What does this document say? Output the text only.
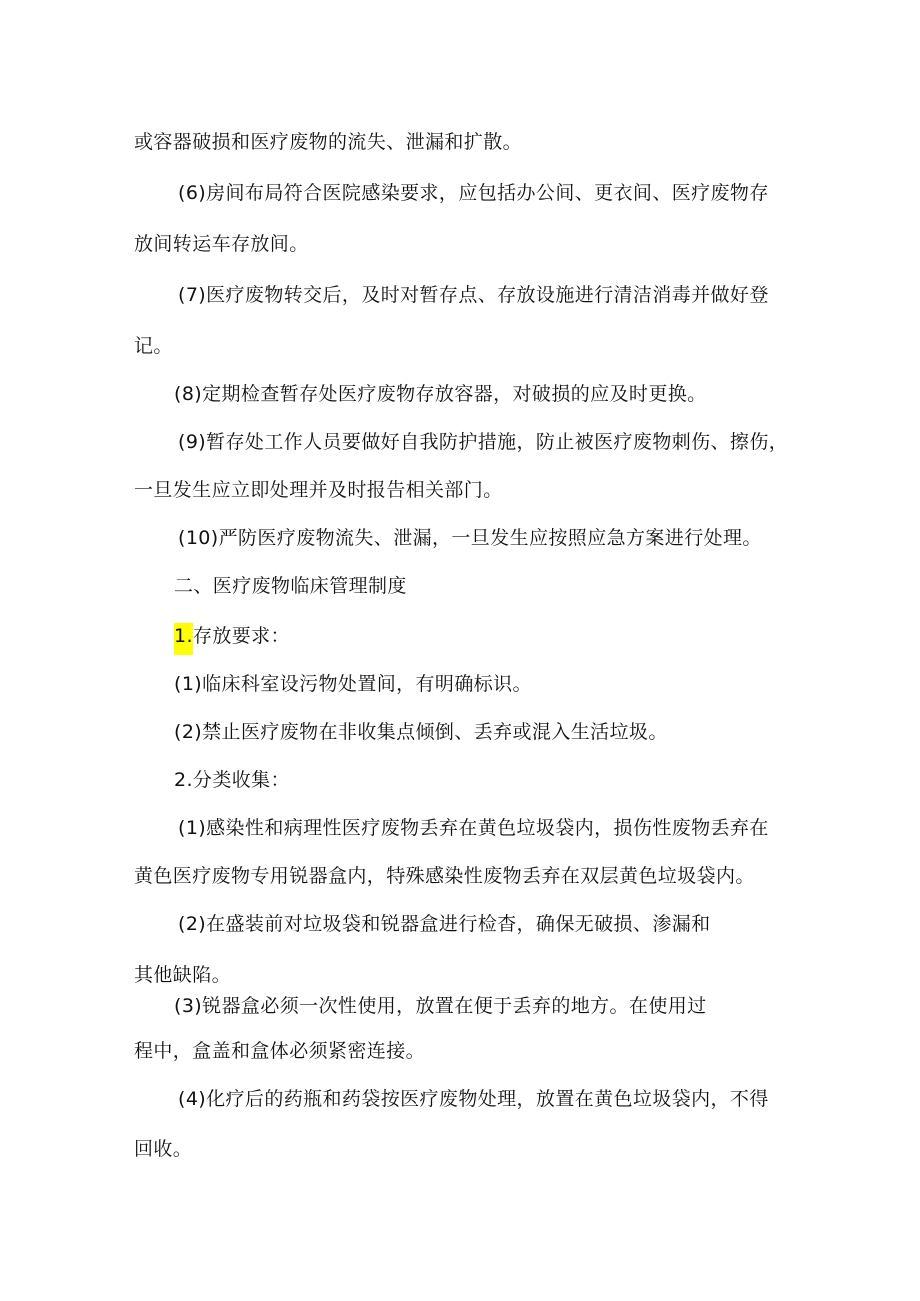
或容器破损和医疗废物的流失、泄漏和扩散。
(6)房间布局符合医院感染要求，应包括办公间、更衣间、医疗废物存
放间转运车存放间。
(7)医疗废物转交后，及时对暂存点、存放设施进行清洁消毒并做好登
记。
(8)定期检查暂存处医疗废物存放容器，对破损的应及时更换。
(9)暂存处工作人员要做好自我防护措施，防止被医疗废物刺伤、擦伤，
一旦发生应立即处理并及时报告相关部门。
(10)严防医疗废物流失、泄漏，一旦发生应按照应急方案进行处理。
二、医疗废物临床管理制度
1.存放要求：
(1)临床科室设污物处置间，有明确标识。
(2)禁止医疗废物在非收集点倾倒、丢弃或混入生活垃圾。
2.分类收集：
(1)感染性和病理性医疗废物丢弃在黄色垃圾袋内，损伤性废物丢弃在
黄色医疗废物专用锐器盒内，特殊感染性废物丢弃在双层黄色垃圾袋内。
(2)在盛装前对垃圾袋和锐器盒进行检杳，确保无破损、渗漏和
其他缺陷。
(3)锐器盒必须一次性使用，放置在便于丢弃的地方。在使用过
程中，盒盖和盒体必须紧密连接。
(4)化疗后的药瓶和药袋按医疗废物处理，放置在黄色垃圾袋内，不得
回收。
